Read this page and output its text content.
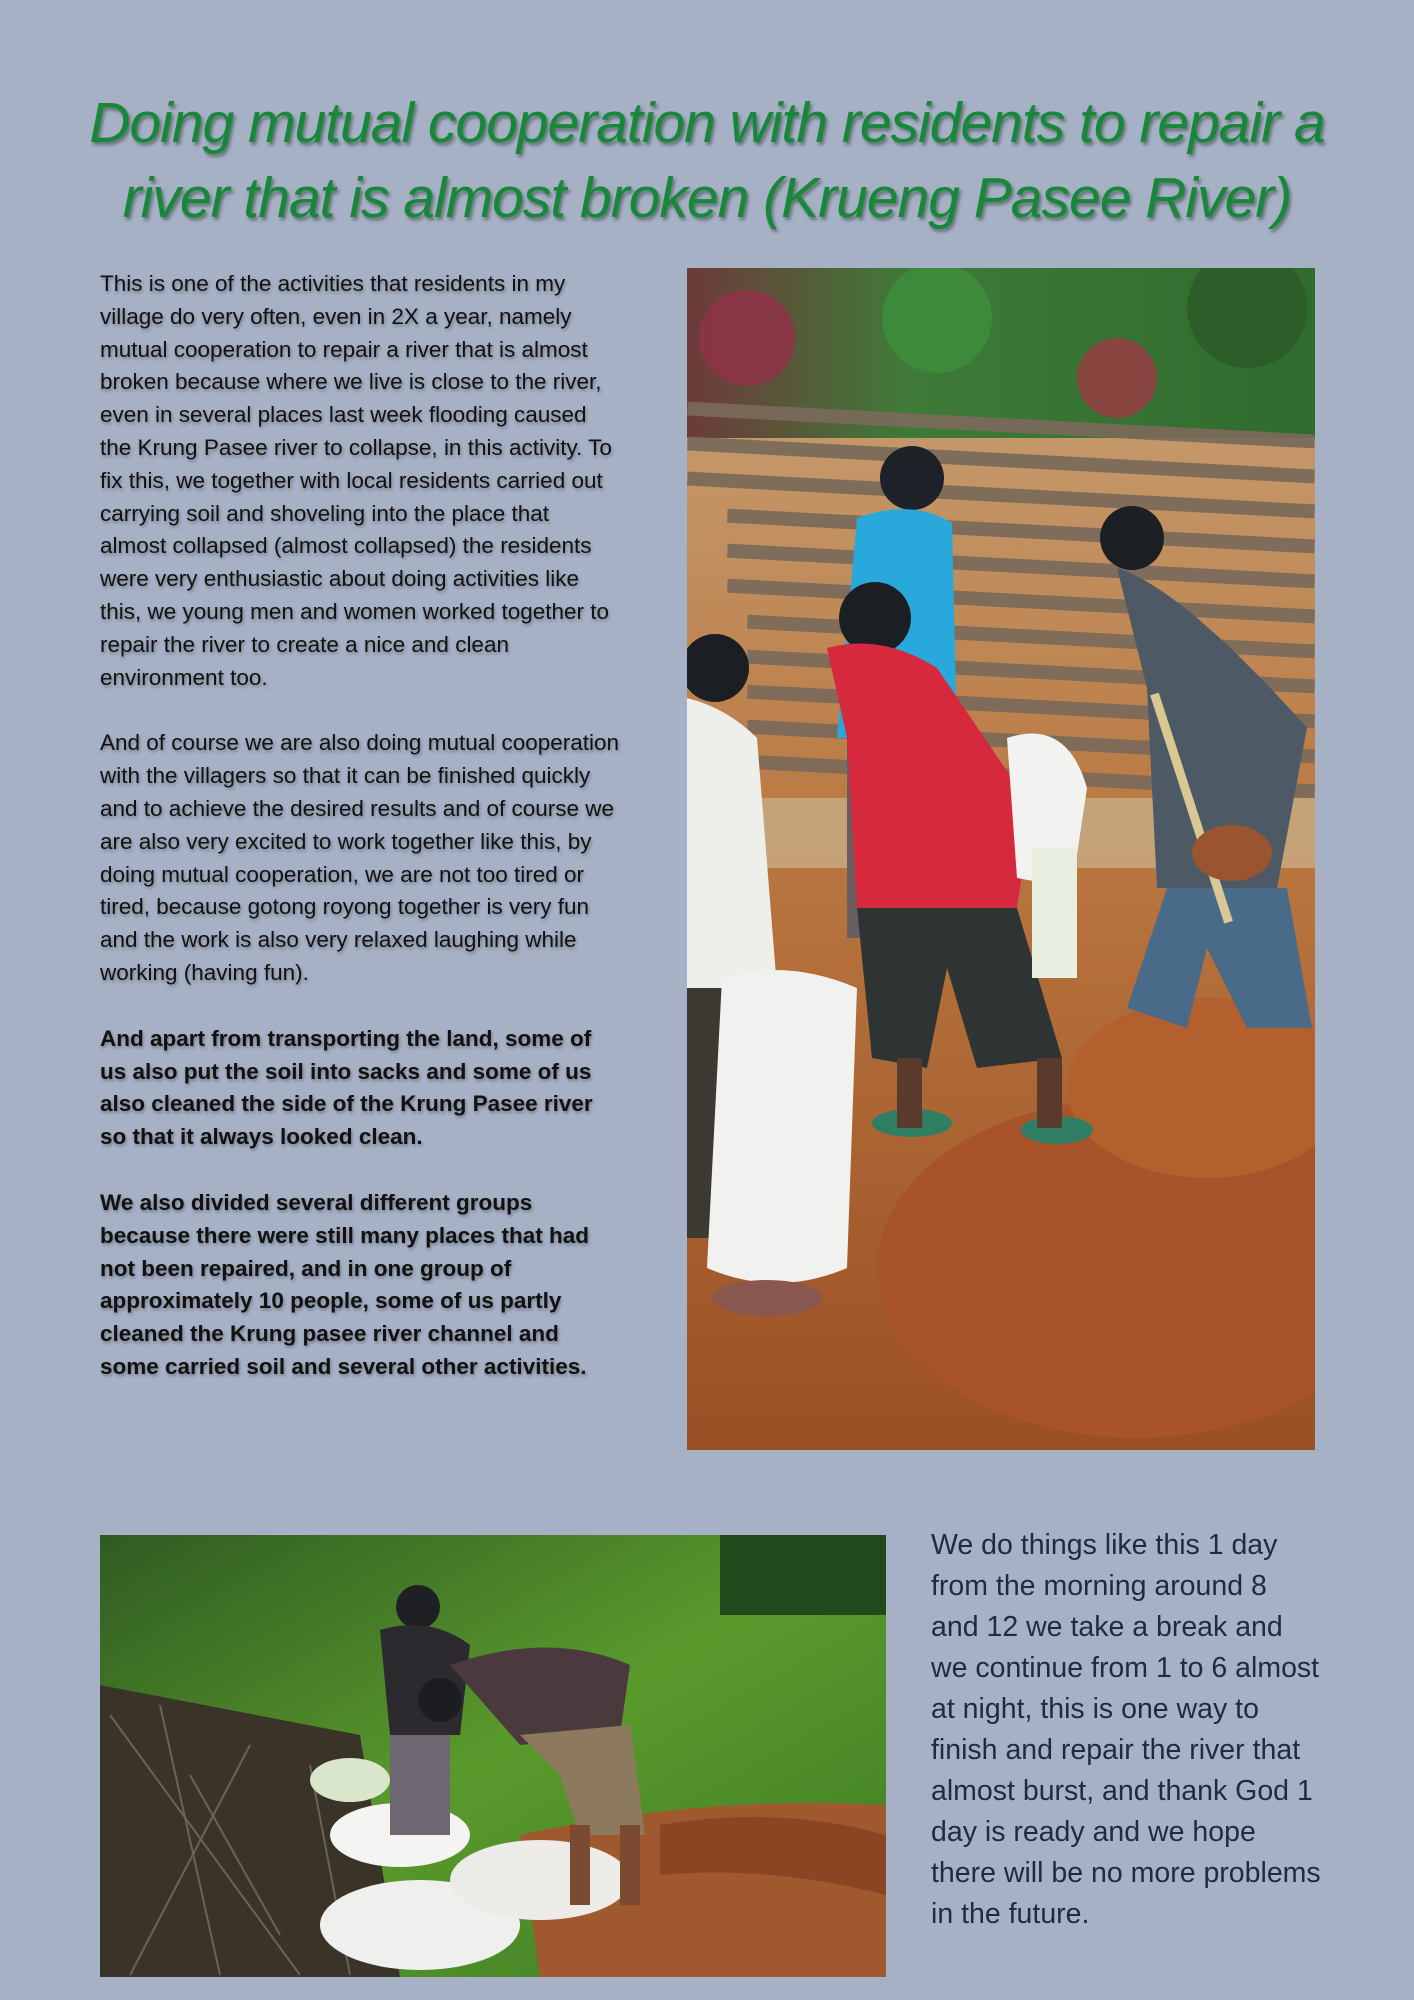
Doing mutual cooperation with residents to repair a river that is almost broken (Krueng Pasee River)

This is one of the activities that residents in my village do very often, even in 2X a year, namely mutual cooperation to repair a river that is almost broken because where we live is close to the river, even in several places last week flooding caused the Krung Pasee river to collapse, in this activity. To fix this, we together with local residents carried out carrying soil and shoveling into the place that almost collapsed (almost collapsed) the residents were very enthusiastic about doing activities like this, we young men and women worked together to repair the river to create a nice and clean environment too.

And of course we are also doing mutual cooperation with the villagers so that it can be finished quickly and to achieve the desired results and of course we are also very excited to work together like this, by doing mutual cooperation, we are not too tired or tired, because gotong royong together is very fun and the work is also very relaxed laughing while working (having fun).

And apart from transporting the land, some of us also put the soil into sacks and some of us also cleaned the side of the Krung Pasee river so that it always looked clean.

We also divided several different groups because there were still many places that had not been repaired, and in one group of approximately 10 people, some of us partly cleaned the Krung pasee river channel and some carried soil and several other activities.

We do things like this 1 day from the morning around 8 and 12 we take a break and we continue from 1 to 6 almost at night, this is one way to finish and repair the river that almost burst, and thank God 1 day is ready and we hope there will be no more problems in the future.
